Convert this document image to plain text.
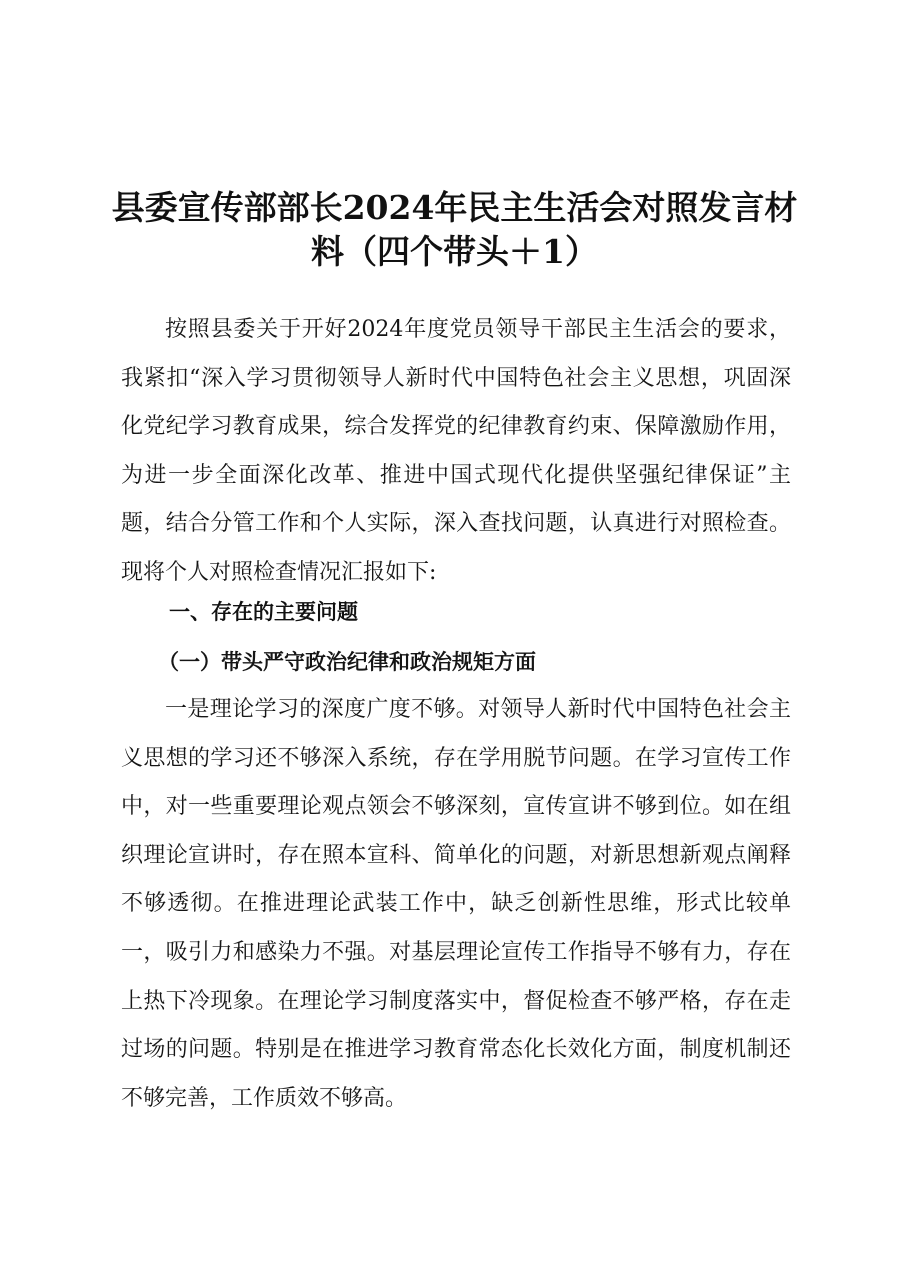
县委宣传部部长2024年民主生活会对照发言材
料（四个带头＋1）

按照县委关于开好2024年度党员领导干部民主生活会的要求，我紧扣“深入学习贯彻领导人新时代中国特色社会主义思想，巩固深化党纪学习教育成果，综合发挥党的纪律教育约束、保障激励作用，为进一步全面深化改革、推进中国式现代化提供坚强纪律保证”主题，结合分管工作和个人实际，深入查找问题，认真进行对照检查。现将个人对照检查情况汇报如下:

一、存在的主要问题
（一）带头严守政治纪律和政治规矩方面

一是理论学习的深度广度不够。对领导人新时代中国特色社会主义思想的学习还不够深入系统，存在学用脱节问题。在学习宣传工作中，对一些重要理论观点领会不够深刻，宣传宣讲不够到位。如在组织理论宣讲时，存在照本宣科、简单化的问题，对新思想新观点阐释不够透彻。在推进理论武装工作中，缺乏创新性思维，形式比较单一，吸引力和感染力不强。对基层理论宣传工作指导不够有力，存在上热下冷现象。在理论学习制度落实中，督促检查不够严格，存在走过场的问题。特别是在推进学习教育常态化长效化方面，制度机制还不够完善，工作质效不够高。
